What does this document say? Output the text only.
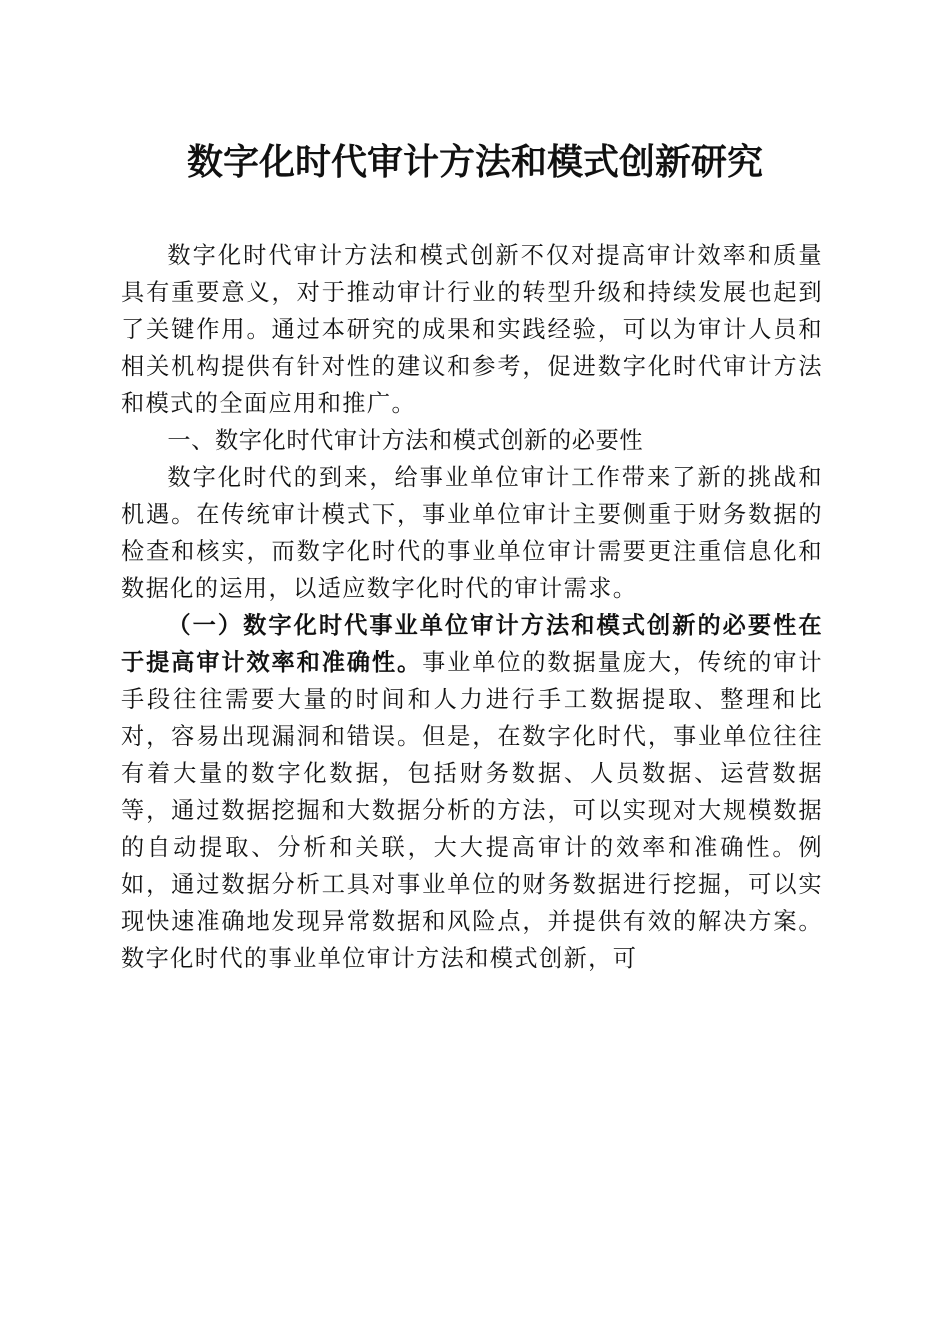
数字化时代审计方法和模式创新研究

数字化时代审计方法和模式创新不仅对提高审计效率和质量具有重要意义，对于推动审计行业的转型升级和持续发展也起到了关键作用。通过本研究的成果和实践经验，可以为审计人员和相关机构提供有针对性的建议和参考，促进数字化时代审计方法和模式的全面应用和推广。

一、数字化时代审计方法和模式创新的必要性

数字化时代的到来，给事业单位审计工作带来了新的挑战和机遇。在传统审计模式下，事业单位审计主要侧重于财务数据的检查和核实，而数字化时代的事业单位审计需要更注重信息化和数据化的运用，以适应数字化时代的审计需求。

（一）数字化时代事业单位审计方法和模式创新的必要性在于提高审计效率和准确性。事业单位的数据量庞大，传统的审计手段往往需要大量的时间和人力进行手工数据提取、整理和比对，容易出现漏洞和错误。但是，在数字化时代，事业单位往往有着大量的数字化数据，包括财务数据、人员数据、运营数据等，通过数据挖掘和大数据分析的方法，可以实现对大规模数据的自动提取、分析和关联，大大提高审计的效率和准确性。例如，通过数据分析工具对事业单位的财务数据进行挖掘，可以实现快速准确地发现异常数据和风险点，并提供有效的解决方案。数字化时代的事业单位审计方法和模式创新，可
